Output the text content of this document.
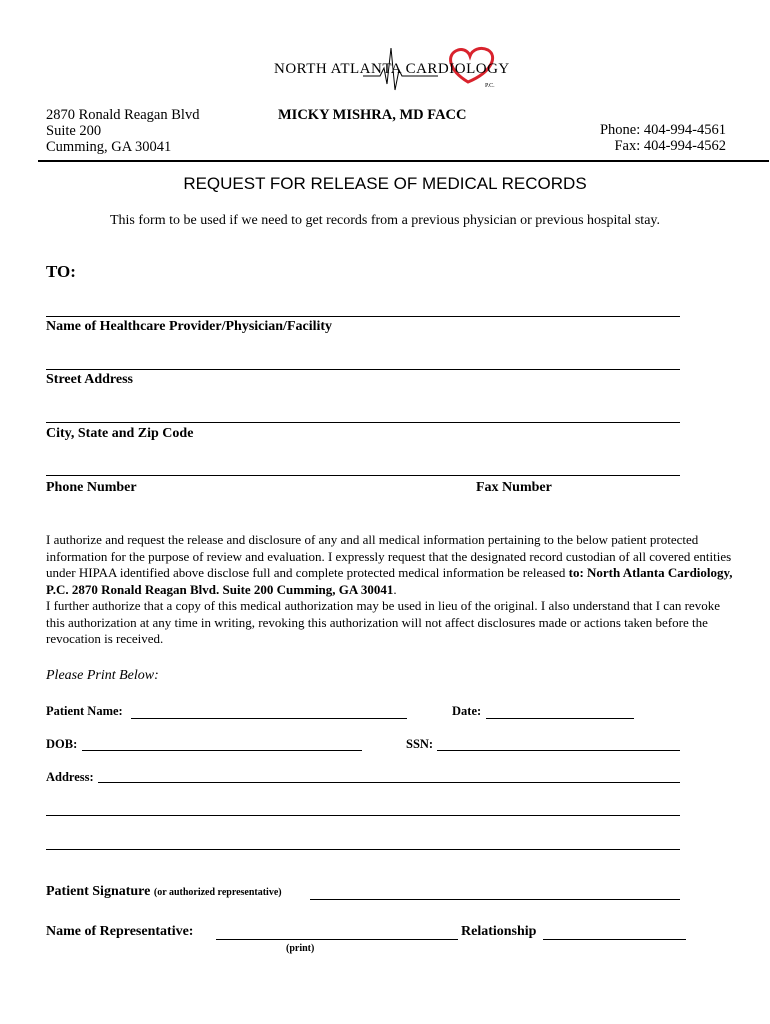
NORTH ATLANTA CARDIOLOGY
P.C.
2870 Ronald Reagan Blvd
Suite 200
Cumming, GA 30041
MICKY MISHRA, MD FACC
Phone: 404-994-4561
Fax: 404-994-4562
REQUEST FOR RELEASE OF MEDICAL RECORDS
This form to be used if we need to get records from a previous physician or previous hospital stay.
TO:
Name of Healthcare Provider/Physician/Facility
Street Address
City, State and Zip Code
Phone Number	Fax Number
I authorize and request the release and disclosure of any and all medical information pertaining to the below patient protected information for the purpose of review and evaluation. I expressly request that the designated record custodian of all covered entities under HIPAA identified above disclose full and complete protected medical information be released to: North Atlanta Cardiology, P.C. 2870 Ronald Reagan Blvd. Suite 200 Cumming, GA 30041.
I further authorize that a copy of this medical authorization may be used in lieu of the original. I also understand that I can revoke this authorization at any time in writing, revoking this authorization will not affect disclosures made or actions taken before the revocation is received.
Please Print Below:
Patient Name:	Date:
DOB:	SSN:
Address:
Patient Signature (or authorized representative)
Name of Representative:	Relationship
(print)
